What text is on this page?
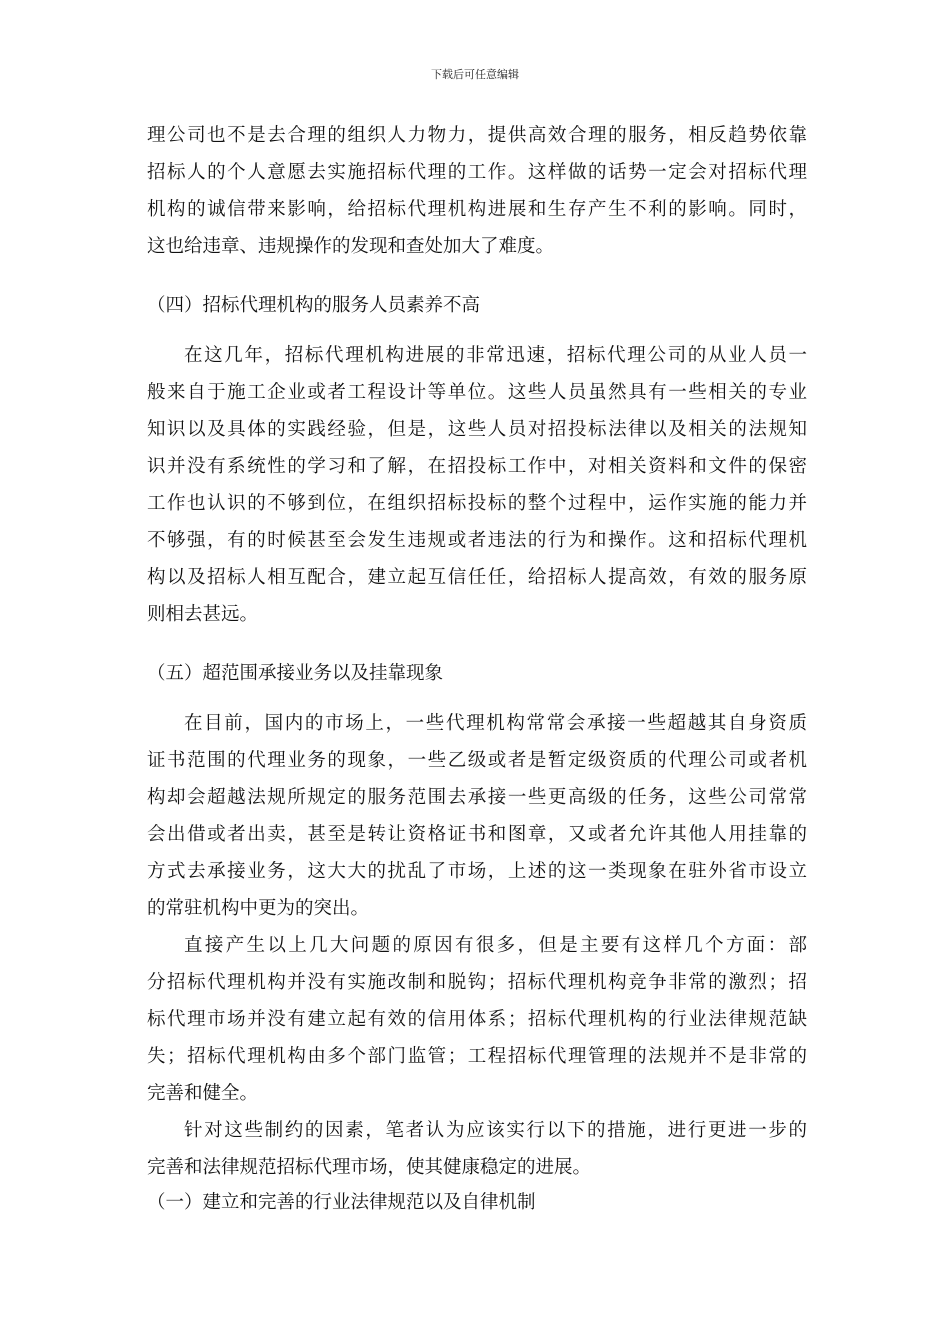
下载后可任意编辑
理公司也不是去合理的组织人力物力，提供高效合理的服务，相反趋势依靠
招标人的个人意愿去实施招标代理的工作。这样做的话势一定会对招标代理
机构的诚信带来影响，给招标代理机构进展和生存产生不利的影响。同时，
这也给违章、违规操作的发现和查处加大了难度。
（四）招标代理机构的服务人员素养不高
在这几年，招标代理机构进展的非常迅速，招标代理公司的从业人员一
般来自于施工企业或者工程设计等单位。这些人员虽然具有一些相关的专业
知识以及具体的实践经验，但是，这些人员对招投标法律以及相关的法规知
识并没有系统性的学习和了解，在招投标工作中，对相关资料和文件的保密
工作也认识的不够到位，在组织招标投标的整个过程中，运作实施的能力并
不够强，有的时候甚至会发生违规或者违法的行为和操作。这和招标代理机
构以及招标人相互配合，建立起互信任任，给招标人提高效，有效的服务原
则相去甚远。
（五）超范围承接业务以及挂靠现象
在目前，国内的市场上，一些代理机构常常会承接一些超越其自身资质
证书范围的代理业务的现象，一些乙级或者是暂定级资质的代理公司或者机
构却会超越法规所规定的服务范围去承接一些更高级的任务，这些公司常常
会出借或者出卖，甚至是转让资格证书和图章，又或者允许其他人用挂靠的
方式去承接业务，这大大的扰乱了市场，上述的这一类现象在驻外省市设立
的常驻机构中更为的突出。
直接产生以上几大问题的原因有很多，但是主要有这样几个方面：部
分招标代理机构并没有实施改制和脱钩；招标代理机构竞争非常的激烈；招
标代理市场并没有建立起有效的信用体系；招标代理机构的行业法律规范缺
失；招标代理机构由多个部门监管；工程招标代理管理的法规并不是非常的
完善和健全。
针对这些制约的因素，笔者认为应该实行以下的措施，进行更进一步的
完善和法律规范招标代理市场，使其健康稳定的进展。
（一）建立和完善的行业法律规范以及自律机制
